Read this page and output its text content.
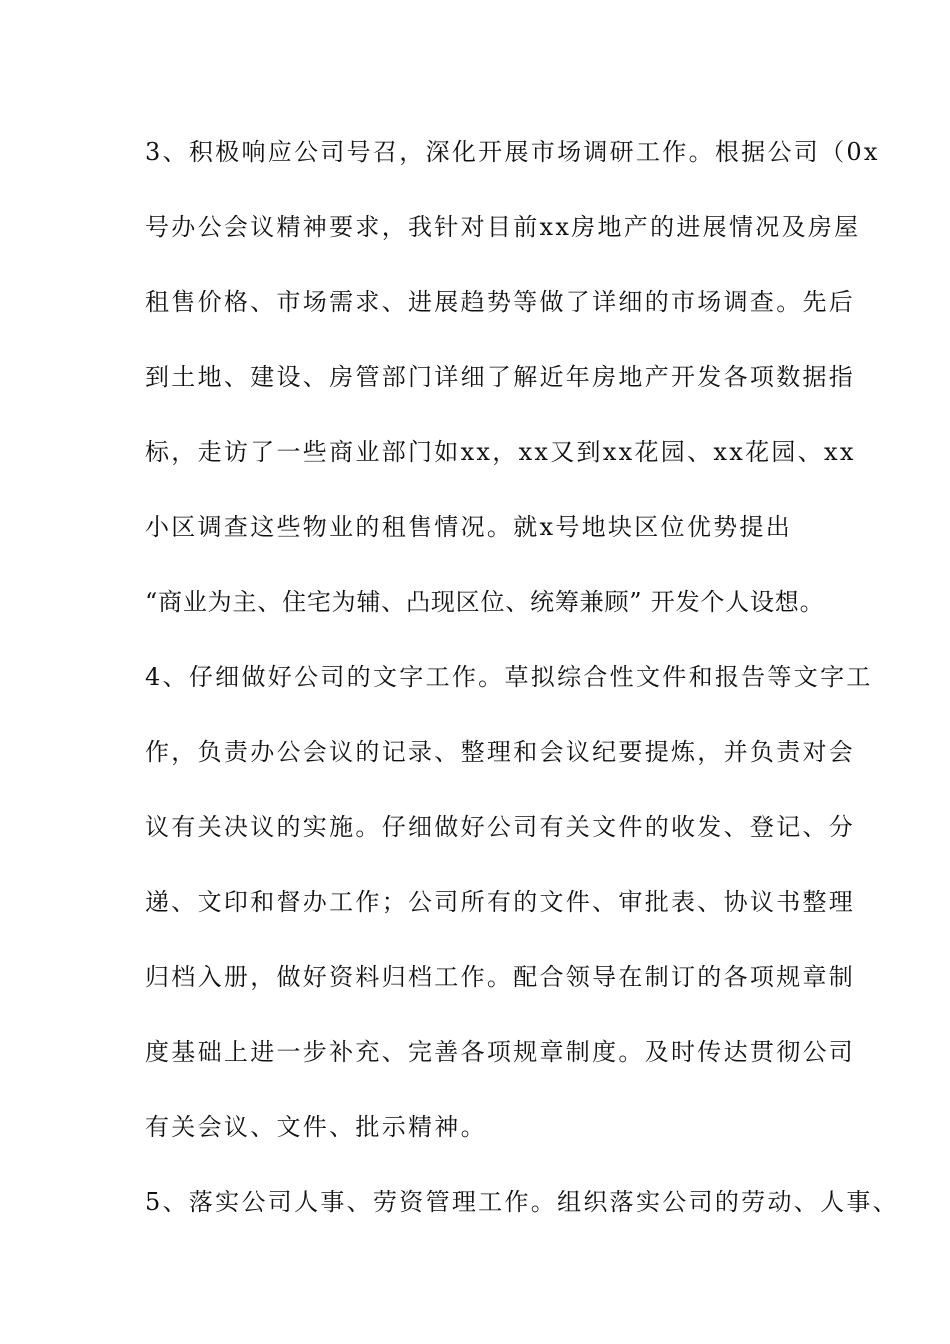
3、积极响应公司号召，深化开展市场调研工作。根据公司（0x
号办公会议精神要求，我针对目前xx房地产的进展情况及房屋
租售价格、市场需求、进展趋势等做了详细的市场调查。先后
到土地、建设、房管部门详细了解近年房地产开发各项数据指
标，走访了一些商业部门如xx，xx又到xx花园、xx花园、xx
小区调查这些物业的租售情况。就x号地块区位优势提出
“商业为主、住宅为辅、凸现区位、统筹兼顾” 开发个人设想。
4、仔细做好公司的文字工作。草拟综合性文件和报告等文字工
作，负责办公会议的记录、整理和会议纪要提炼，并负责对会
议有关决议的实施。仔细做好公司有关文件的收发、登记、分
递、文印和督办工作；公司所有的文件、审批表、协议书整理
归档入册，做好资料归档工作。配合领导在制订的各项规章制
度基础上进一步补充、完善各项规章制度。及时传达贯彻公司
有关会议、文件、批示精神。
5、落实公司人事、劳资管理工作。组织落实公司的劳动、人事、
